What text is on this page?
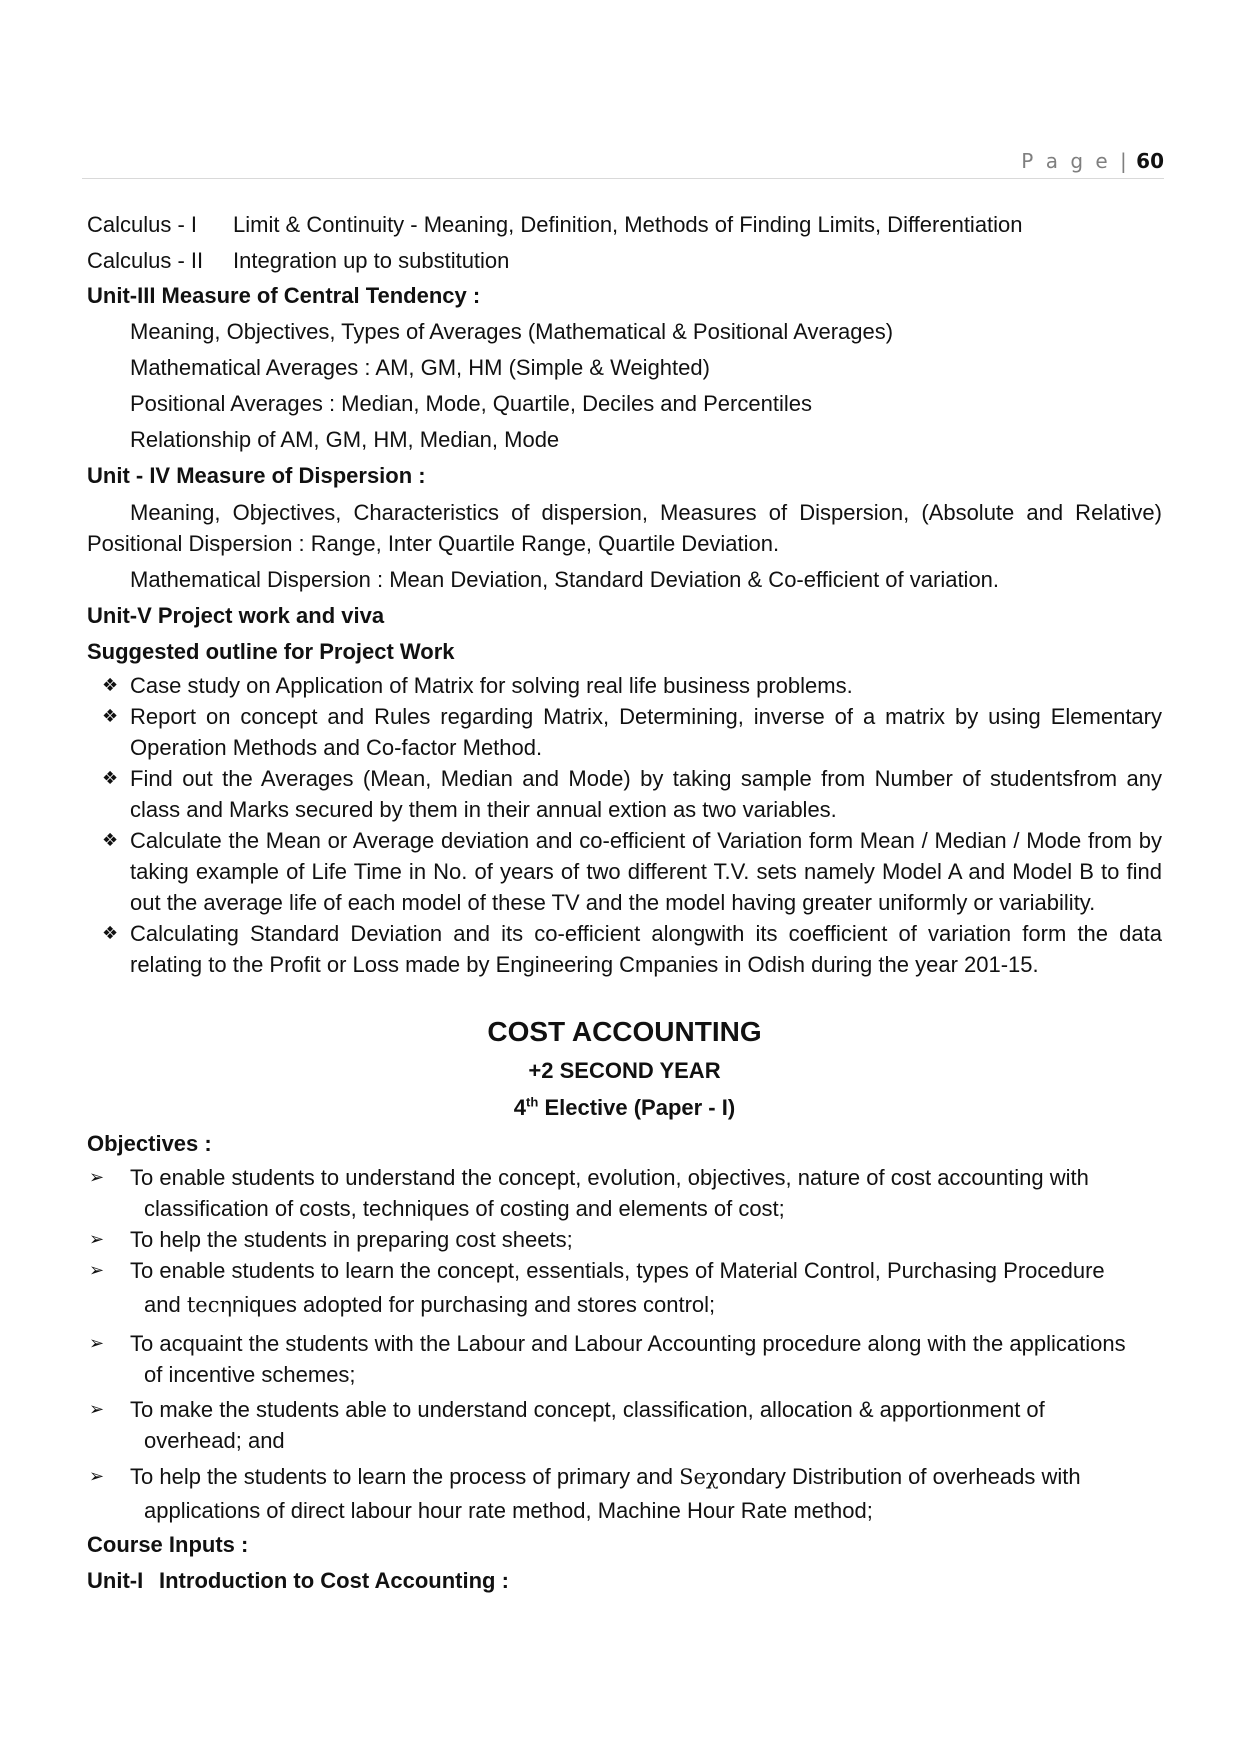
P a g e | 60
Calculus - I	Limit & Continuity - Meaning, Definition, Methods of Finding Limits, Differentiation
Calculus - II	Integration up to substitution
Unit-III Measure of Central Tendency :
Meaning, Objectives, Types of Averages (Mathematical & Positional Averages)
Mathematical Averages : AM, GM, HM (Simple & Weighted)
Positional Averages : Median, Mode, Quartile, Deciles and Percentiles
Relationship of AM, GM, HM, Median, Mode
Unit - IV Measure of Dispersion :
Meaning, Objectives, Characteristics of dispersion, Measures of Dispersion, (Absolute and Relative)
Positional Dispersion : Range, Inter Quartile Range, Quartile Deviation.
Mathematical Dispersion : Mean Deviation, Standard Deviation & Co-efficient of variation.
Unit-V Project work and viva
Suggested outline for Project Work
❖ Case study on Application of Matrix for solving real life business problems.
❖ Report on concept and Rules regarding Matrix, Determining, inverse of a matrix by using Elementary Operation Methods and Co-factor Method.
❖ Find out the Averages (Mean, Median and Mode) by taking sample from Number of studentsfrom any class and Marks secured by them in their annual extion as two variables.
❖ Calculate the Mean or Average deviation and co-efficient of Variation form Mean / Median / Mode from by taking example of Life Time in No. of years of two different T.V. sets namely Model A and Model B to find out the average life of each model of these TV and the model having greater uniformly or variability.
❖ Calculating Standard Deviation and its co-efficient alongwith its coefficient of variation form the data relating to the Profit or Loss made by Engineering Cmpanies in Odish during the year 201-15.
COST ACCOUNTING
+2 SECOND YEAR
4th Elective (Paper - I)
Objectives :
➢ To enable students to understand the concept, evolution, objectives, nature of cost accounting with
classification of costs, techniques of costing and elements of cost;
➢ To help the students in preparing cost sheets;
➢ To enable students to learn the concept, essentials, types of Material Control, Purchasing Procedure
and tecηniques adopted for purchasing and stores control;
➢ To acquaint the students with the Labour and Labour Accounting procedure along with the applications
of incentive schemes;
➢ To make the students able to understand concept, classification, allocation & apportionment of
overhead; and
➢ To help the students to learn the process of primary and Seχondary Distribution of overheads with
applications of direct labour hour rate method, Machine Hour Rate method;
Course Inputs :
Unit-I Introduction to Cost Accounting :
